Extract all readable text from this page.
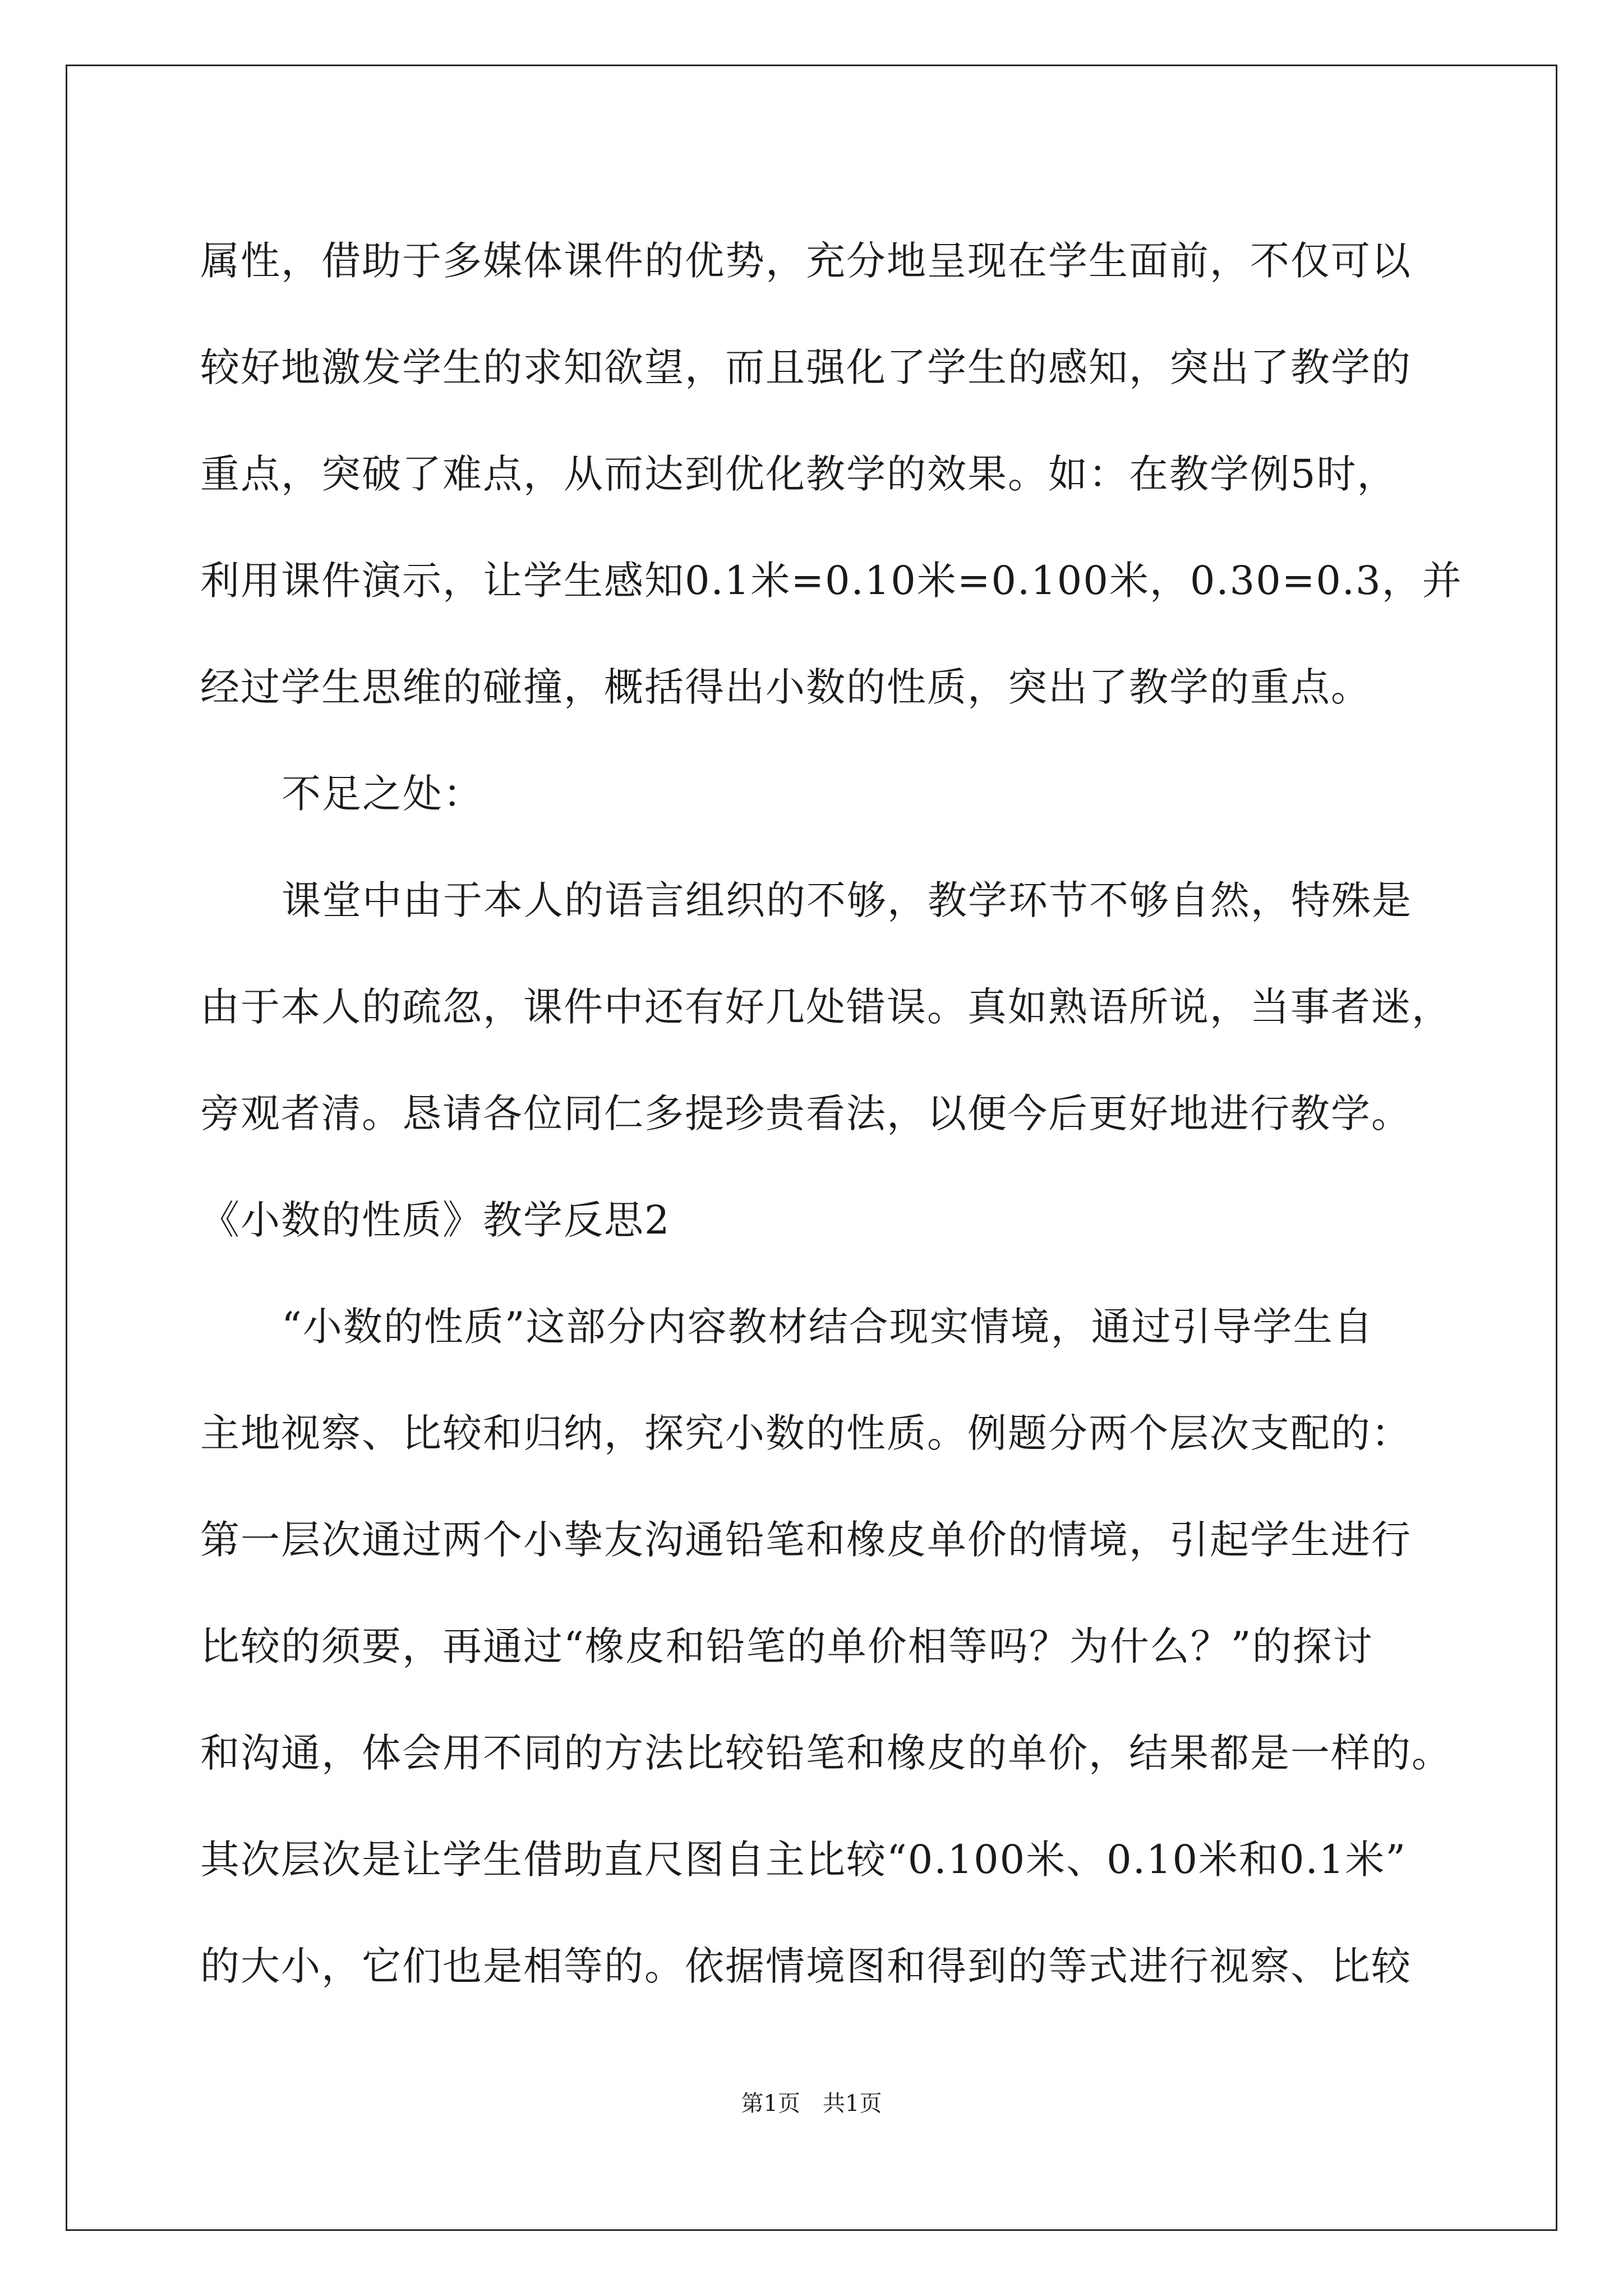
属性，借助于多媒体课件的优势，充分地呈现在学生面前，不仅可以

较好地激发学生的求知欲望，而且强化了学生的感知，突出了教学的

重点，突破了难点，从而达到优化教学的效果。如：在教学例5时，

利用课件演示，让学生感知0.1米=0.10米=0.100米，0.30=0.3，并

经过学生思维的碰撞，概括得出小数的性质，突出了教学的重点。

不足之处：

课堂中由于本人的语言组织的不够，教学环节不够自然，特殊是

由于本人的疏忽，课件中还有好几处错误。真如熟语所说，当事者迷，

旁观者清。恳请各位同仁多提珍贵看法，以便今后更好地进行教学。

《小数的性质》教学反思2

“小数的性质”这部分内容教材结合现实情境，通过引导学生自

主地视察、比较和归纳，探究小数的性质。例题分两个层次支配的：

第一层次通过两个小挚友沟通铅笔和橡皮单价的情境，引起学生进行

比较的须要，再通过“橡皮和铅笔的单价相等吗？为什么？”的探讨

和沟通，体会用不同的方法比较铅笔和橡皮的单价，结果都是一样的。

其次层次是让学生借助直尺图自主比较“0.100米、0.10米和0.1米”

的大小，它们也是相等的。依据情境图和得到的等式进行视察、比较

第1页　共1页
